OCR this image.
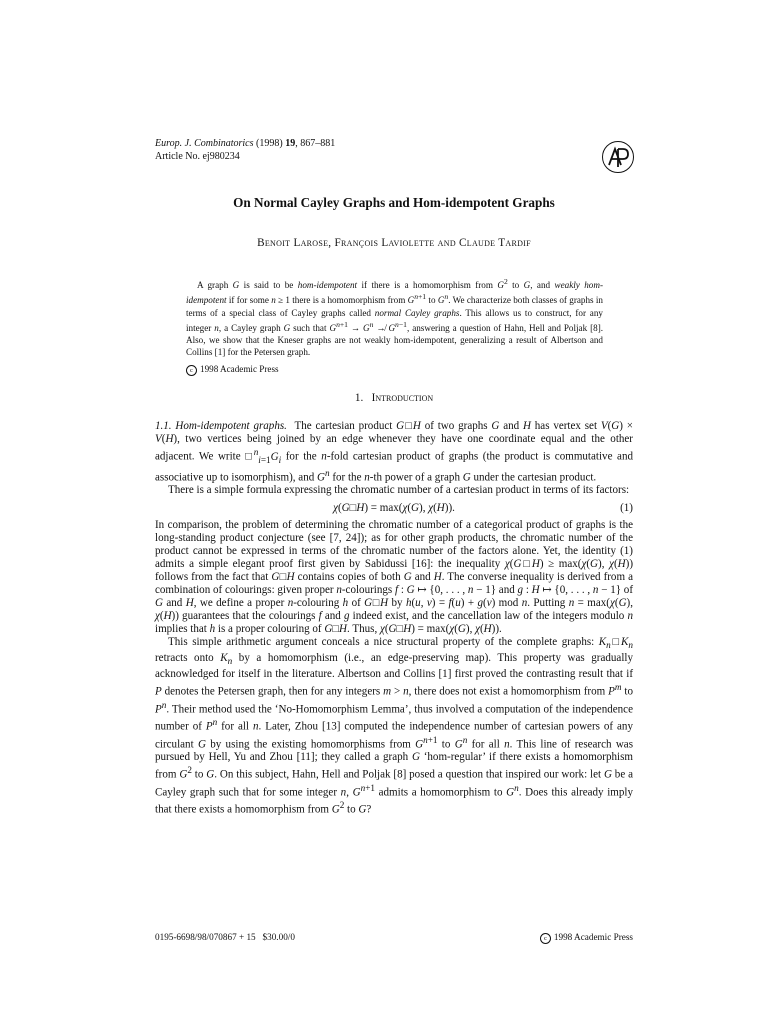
Europ. J. Combinatorics (1998) 19, 867–881
Article No. ej980234
On Normal Cayley Graphs and Hom-idempotent Graphs
Benoit Larose, François Laviolette and Claude Tardif

A graph G is said to be hom-idempotent if there is a homomorphism from $G^2$ to G, and weakly hom-idempotent if for some n ≥ 1 there is a homomorphism from $G^{n+1}$ to $G^n$. We characterize both classes of graphs in terms of a special class of Cayley graphs called normal Cayley graphs. This allows us to construct, for any integer n, a Cayley graph G such that $G^{n+1} \to G^n$ ↛ $G^{n-1}$, answering a question of Hahn, Hell and Poljak [8]. Also, we show that the Kneser graphs are not weakly hom-idempotent, generalizing a result of Albertson and Collins [1] for the Petersen graph.

c 1998 Academic Press

1. Introduction

1.1. Hom-idempotent graphs.  The cartesian product G□H of two graphs G and H has vertex set V(G) × V(H), two vertices being joined by an edge whenever they have one coordinate equal and the other adjacent. We write $□^n_{i=1}G_i$ for the n-fold cartesian product of graphs (the product is commutative and associative up to isomorphism), and $G^n$ for the n-th power of a graph G under the cartesian product.

There is a simple formula expressing the chromatic number of a cartesian product in terms of its factors:

χ(G□H) = max(χ(G), χ(H)).	(1)

In comparison, the problem of determining the chromatic number of a categorical product of graphs is the long-standing product conjecture (see [7, 24]); as for other graph products, the chromatic number of the product cannot be expressed in terms of the chromatic number of the factors alone. Yet, the identity (1) admits a simple elegant proof first given by Sabidussi [16]: the inequality χ(G□H) ≥ max(χ(G), χ(H)) follows from the fact that G□H contains copies of both G and H. The converse inequality is derived from a combination of colourings: given proper n-colourings f : G ↦ {0, . . . , n − 1} and g : H ↦ {0, . . . , n − 1} of G and H, we define a proper n-colouring h of G□H by h(u, v) = f(u) + g(v) mod n. Putting n = max(χ(G), χ(H)) guarantees that the colourings f and g indeed exist, and the cancellation law of the integers modulo n implies that h is a proper colouring of G□H. Thus, χ(G□H) = max(χ(G), χ(H)).

This simple arithmetic argument conceals a nice structural property of the complete graphs: $K_n□K_n$ retracts onto $K_n$ by a homomorphism (i.e., an edge-preserving map). This property was gradually acknowledged for itself in the literature. Albertson and Collins [1] first proved the contrasting result that if P denotes the Petersen graph, then for any integers m > n, there does not exist a homomorphism from $P^m$ to $P^n$. Their method used the ‘No-Homomorphism Lemma’, thus involved a computation of the independence number of $P^n$ for all n. Later, Zhou [13] computed the independence number of cartesian powers of any circulant G by using the existing homomorphisms from $G^{n+1}$ to $G^n$ for all n. This line of research was pursued by Hell, Yu and Zhou [11]; they called a graph G ‘hom-regular’ if there exists a homomorphism from $G^2$ to G. On this subject, Hahn, Hell and Poljak [8] posed a question that inspired our work: let G be a Cayley graph such that for some integer n, $G^{n+1}$ admits a homomorphism to $G^n$. Does this already imply that there exists a homomorphism from $G^2$ to G?

0195-6698/98/070867 + 15   $30.00/0	c 1998 Academic Press
